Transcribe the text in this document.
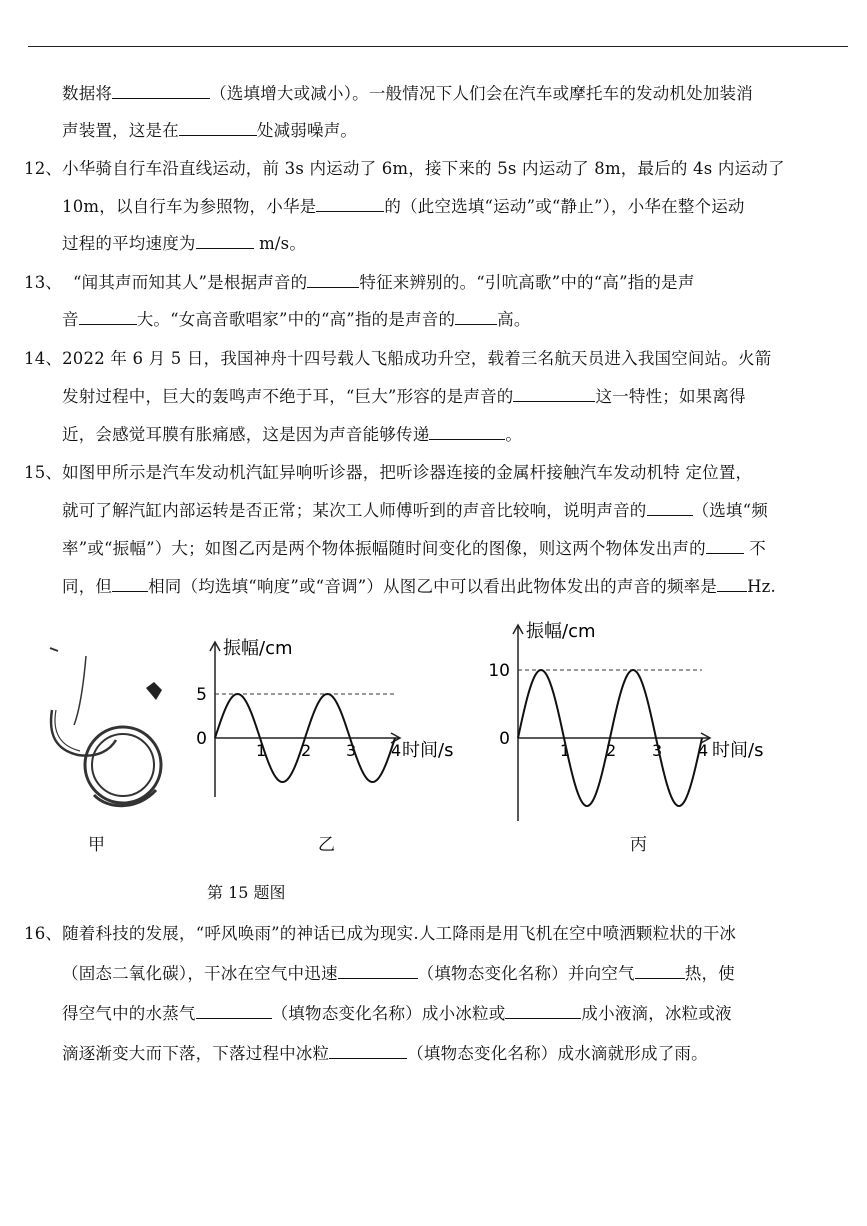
数据将	（选填增大或减小）。一般情况下人们会在汽车或摩托车的发动机处加装消
声装置，这是在	处减弱噪声。
12、小华骑自行车沿直线运动，前 3s 内运动了 6m，接下来的 5s 内运动了 8m，最后的 4s 内运动了
10m，以自行车为参照物，小华是	的（此空选填“运动”或“静止”），小华在整个运动
过程的平均速度为	m/s。
13、 “闻其声而知其人”是根据声音的	特征来辨别的。“引吭高歌”中的“高”指的是声
音	大。“女高音歌唱家”中的“高”指的是声音的	高。
14、2022 年 6 月 5 日，我国神舟十四号载人飞船成功升空，载着三名航天员进入我国空间站。火箭
发射过程中，巨大的轰鸣声不绝于耳，“巨大”形容的是声音的	这一特性；如果离得
近，会感觉耳膜有胀痛感，这是因为声音能够传递	。
15、如图甲所示是汽车发动机汽缸异响听诊器，把听诊器连接的金属杆接触汽车发动机特 定位置，
就可了解汽缸内部运转是否正常；某次工人师傅听到的声音比较响，说明声音的	（选填“频
率”或“振幅”）大；如图乙丙是两个物体振幅随时间变化的图像，则这两个物体发出声的	不
同，但 相同（均选填“响度”或“音调”）从图乙中可以看出此物体发出的声音的频率是 Hz.
甲
振幅/cm
时间/s
0
5
1 2 3 4
乙
振幅/cm
时间/s
0
10
1 2 3 4
丙
第 15 题图
16、随着科技的发展，“呼风唤雨”的神话已成为现实.人工降雨是用飞机在空中喷洒颗粒状的干冰
（固态二氧化碳），干冰在空气中迅速	（填物态变化名称）并向空气	热，使
得空气中的水蒸气	（填物态变化名称）成小冰粒或	成小液滴，冰粒或液
滴逐渐变大而下落，下落过程中冰粒	（填物态变化名称）成水滴就形成了雨。
